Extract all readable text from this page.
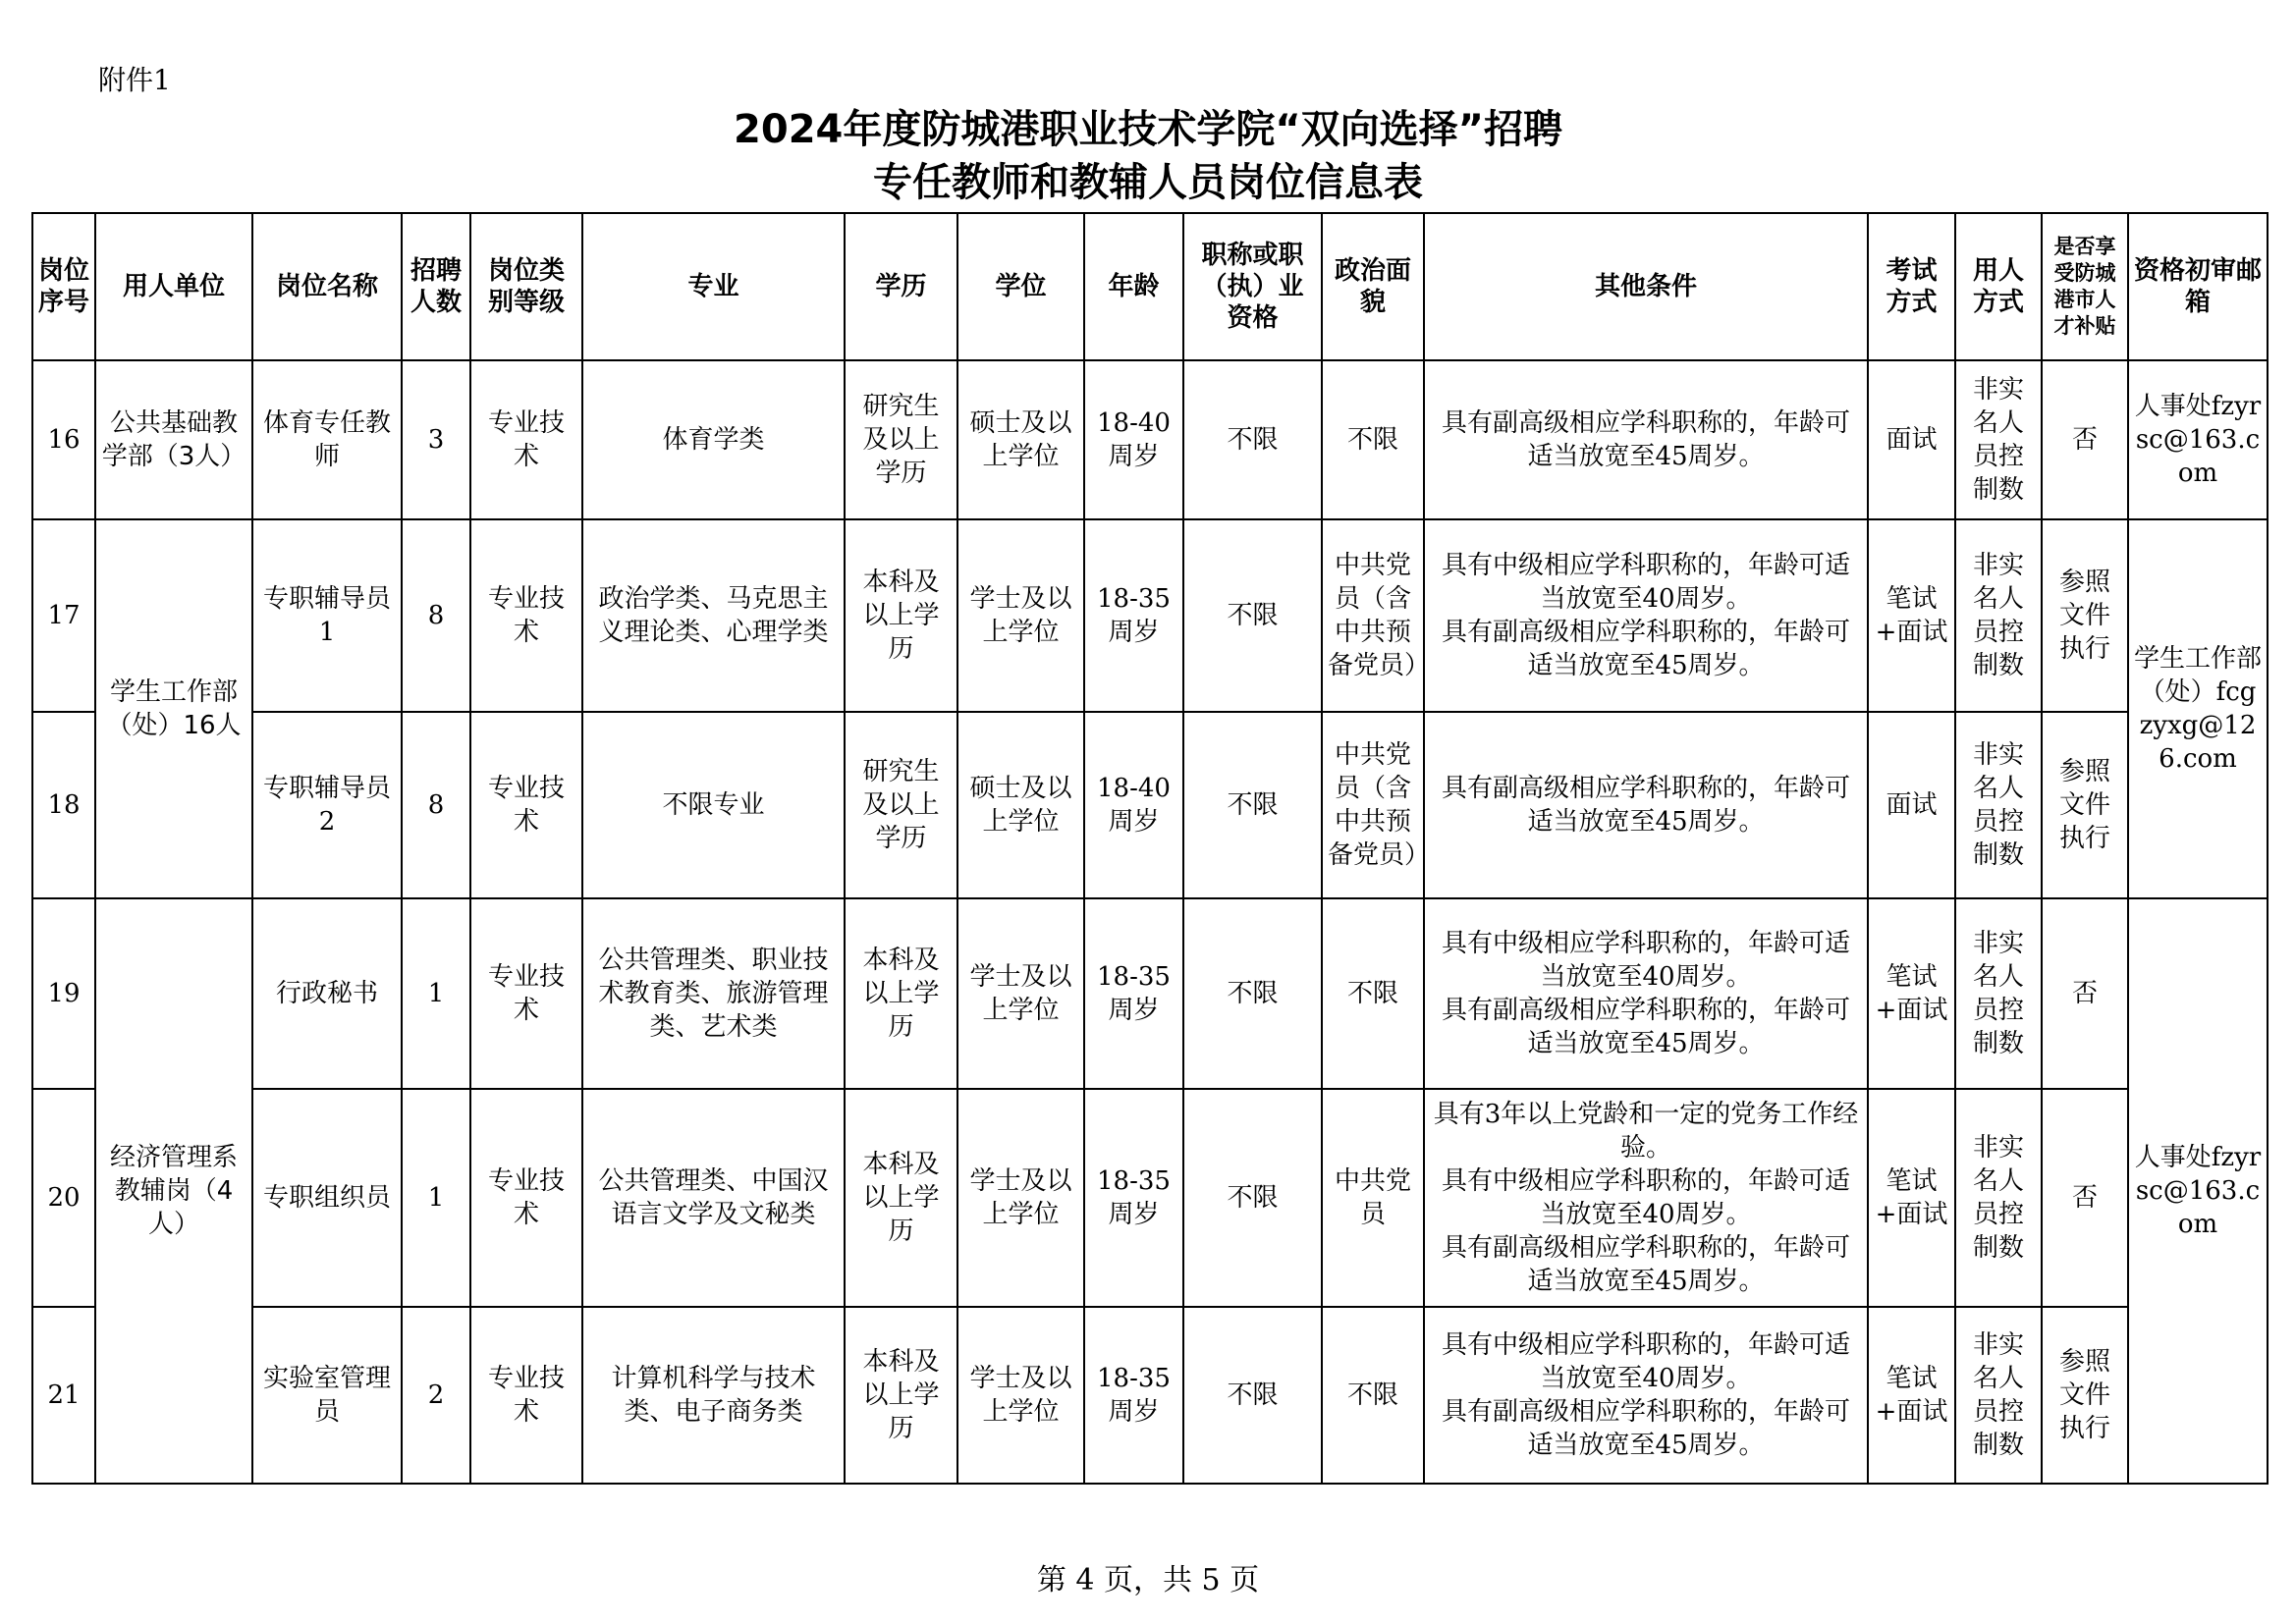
附件1
2024年度防城港职业技术学院“双向选择”招聘
专任教师和教辅人员岗位信息表
岗位序号	用人单位	岗位名称	招聘人数	岗位类别等级	专业	学历	学位	年龄	职称或职（执）业资格	政治面貌	其他条件	考试方式	用人方式	是否享受防城港市人才补贴	资格初审邮箱
16	公共基础教学部（3人）	体育专任教师	3	专业技术	体育学类	研究生及以上学历	硕士及以上学位	18-40周岁	不限	不限	具有副高级相应学科职称的，年龄可适当放宽至45周岁。	面试	非实名人员控制数	否	人事处fzyrsc@163.com
17	学生工作部（处）16人	专职辅导员1	8	专业技术	政治学类、马克思主义理论类、心理学类	本科及以上学历	学士及以上学位	18-35周岁	不限	中共党员（含中共预备党员）	具有中级相应学科职称的，年龄可适当放宽至40周岁。
具有副高级相应学科职称的，年龄可适当放宽至45周岁。	笔试+面试	非实名人员控制数	参照文件执行	学生工作部（处）fcgzyxg@126.com
18		专职辅导员2	8	专业技术	不限专业	研究生及以上学历	硕士及以上学位	18-40周岁	不限	中共党员（含中共预备党员）	具有副高级相应学科职称的，年龄可适当放宽至45周岁。	面试	非实名人员控制数	参照文件执行	
19	经济管理系教辅岗（4人）	行政秘书	1	专业技术	公共管理类、职业技术教育类、旅游管理类、艺术类	本科及以上学历	学士及以上学位	18-35周岁	不限	不限	具有中级相应学科职称的，年龄可适当放宽至40周岁。
具有副高级相应学科职称的，年龄可适当放宽至45周岁。	笔试+面试	非实名人员控制数	否	人事处fzyrsc@163.com
20		专职组织员	1	专业技术	公共管理类、中国汉语言文学及文秘类	本科及以上学历	学士及以上学位	18-35周岁	不限	中共党员	具有3年以上党龄和一定的党务工作经验。
具有中级相应学科职称的，年龄可适当放宽至40周岁。
具有副高级相应学科职称的，年龄可适当放宽至45周岁。	笔试+面试	非实名人员控制数	否	
21		实验室管理员	2	专业技术	计算机科学与技术类、电子商务类	本科及以上学历	学士及以上学位	18-35周岁	不限	不限	具有中级相应学科职称的，年龄可适当放宽至40周岁。
具有副高级相应学科职称的，年龄可适当放宽至45周岁。	笔试+面试	非实名人员控制数	参照文件执行	
第 4 页，共 5 页
